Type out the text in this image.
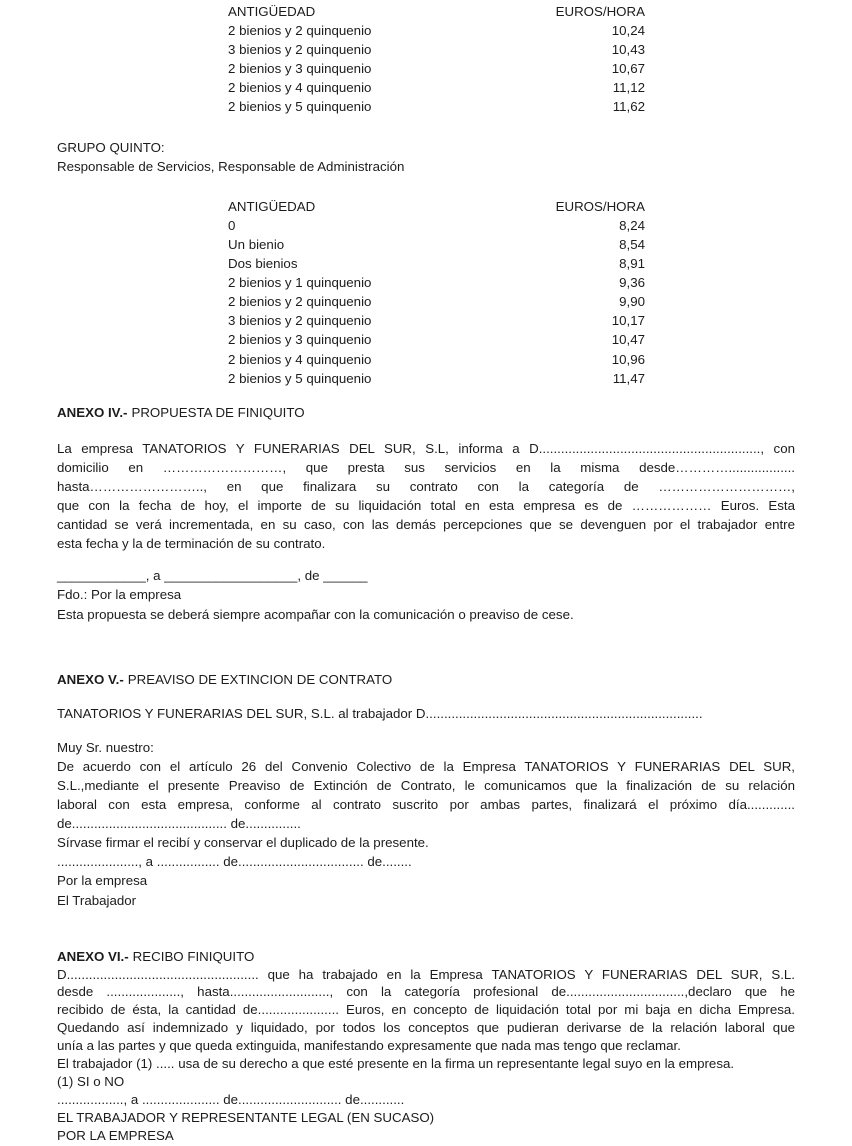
ANTIGÜEDAD	EUROS/HORA
2 bienios y 2 quinquenio	10,24
3 bienios y 2 quinquenio	10,43
2 bienios y 3 quinquenio	10,67
2 bienios y 4 quinquenio	11,12
2 bienios y 5 quinquenio	11,62
GRUPO QUINTO:
Responsable de Servicios, Responsable de Administración
ANTIGÜEDAD	EUROS/HORA
0	8,24
Un bienio	8,54
Dos bienios	8,91
2 bienios y 1 quinquenio	9,36
2 bienios y 2 quinquenio	9,90
3 bienios y 2 quinquenio	10,17
2 bienios y 3 quinquenio	10,47
2 bienios y 4 quinquenio	10,96
2 bienios y 5 quinquenio	11,47
ANEXO IV.- PROPUESTA DE FINIQUITO
La empresa TANATORIOS Y FUNERARIAS DEL SUR, S.L, informa a D............................................................, con
domicilio en ………………………, que presta sus servicios en la misma desde…………..................
hasta…………………….., en que finalizara su contrato con la categoría de …………………………,
que con la fecha de hoy, el importe de su liquidación total en esta empresa es de ……………… Euros. Esta
cantidad se verá incrementada, en su caso, con las demás percepciones que se devenguen por el trabajador entre
esta fecha y la de terminación de su contrato.
____________, a __________________, de ______
Fdo.: Por la empresa
Esta propuesta se deberá siempre acompañar con la comunicación o preaviso de cese.
ANEXO V.- PREAVISO DE EXTINCION DE CONTRATO
TANATORIOS Y FUNERARIAS DEL SUR, S.L. al trabajador D...........................................................................
Muy Sr. nuestro:
De acuerdo con el artículo 26 del Convenio Colectivo de la Empresa TANATORIOS Y FUNERARIAS DEL SUR,
S.L.,mediante el presente Preaviso de Extinción de Contrato, le comunicamos que la finalización de su relación
laboral con esta empresa, conforme al contrato suscrito por ambas partes, finalizará el próximo día.............
de.......................................... de...............
Sírvase firmar el recibí y conservar el duplicado de la presente.
......................, a ................. de.................................. de........
Por la empresa
El Trabajador
ANEXO VI.- RECIBO FINIQUITO
D.................................................... que ha trabajado en la Empresa TANATORIOS Y FUNERARIAS DEL SUR, S.L.
desde ...................., hasta..........................., con la categoría profesional de................................,declaro que he
recibido de ésta, la cantidad de...................... Euros, en concepto de liquidación total por mi baja en dicha Empresa.
Quedando así indemnizado y liquidado, por todos los conceptos que pudieran derivarse de la relación laboral que
unía a las partes y que queda extinguida, manifestando expresamente que nada mas tengo que reclamar.
El trabajador (1) ..... usa de su derecho a que esté presente en la firma un representante legal suyo en la empresa.
(1) SI o NO
.................., a ..................... de............................ de............
EL TRABAJADOR Y REPRESENTANTE LEGAL (EN SUCASO)
POR LA EMPRESA
